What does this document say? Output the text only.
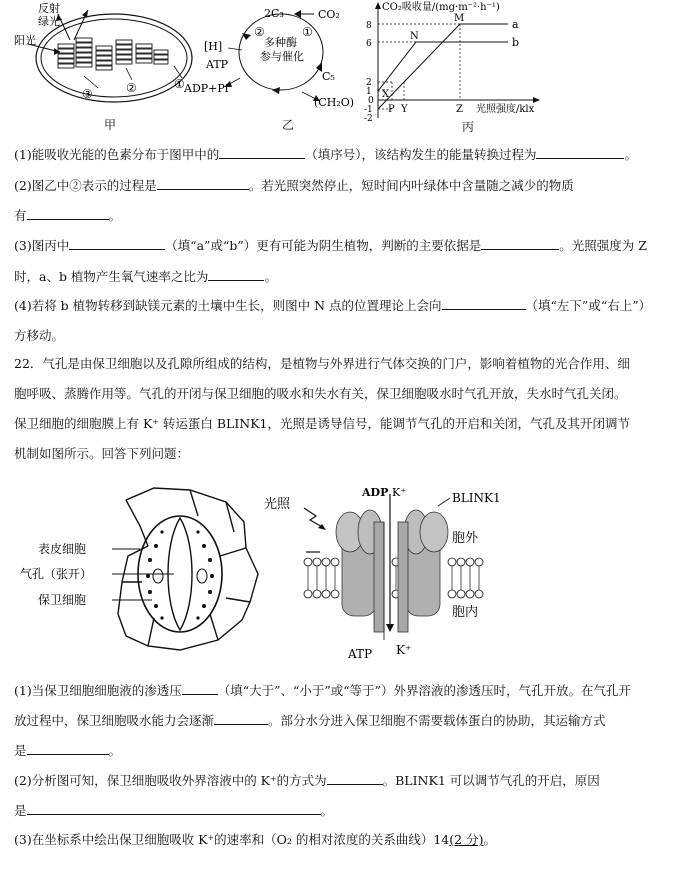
反射
绿光
阳光
②
③
①
甲
2C₃	CO₂
[H]
ATP
ADP+Pi
多种酶
参与催化
C₅
(CH₂O)
②	①
乙
CO₂吸收量/(mg·m⁻²·h⁻¹)
光照强度/klx
8
6
2
1
0
-1
-2
M
N
X
P Y	Z
a
b
丙
(1)能吸收光能的色素分布于图甲中的	（填序号），该结构发生的能量转换过程为	。
(2)图乙中②表示的过程是	。若光照突然停止，短时间内叶绿体中含量随之减少的物质
有	。
(3)图丙中	（填“a”或“b”）更有可能为阴生植物，判断的主要依据是	。光照强度为 Z
时，a、b 植物产生氧气速率之比为	。
(4)若将 b 植物转移到缺镁元素的土壤中生长，则图中 N 点的位置理论上会向	（填“左下”或“右上”）
方移动。
22．气孔是由保卫细胞以及孔隙所组成的结构，是植物与外界进行气体交换的门户，影响着植物的光合作用、细
胞呼吸、蒸腾作用等。气孔的开闭与保卫细胞的吸水和失水有关，保卫细胞吸水时气孔开放，失水时气孔关闭。
保卫细胞的细胞膜上有 K⁺ 转运蛋白 BLINK1，光照是诱导信号，能调节气孔的开启和关闭，气孔及其开闭调节
机制如图所示。回答下列问题：
表皮细胞
气孔（张开）
保卫细胞
光照
ADP K⁺	BLINK1
胞外
胞内
ATP K⁺
(1)当保卫细胞细胞液的渗透压	（填“大于”、“小于”或“等于”）外界溶液的渗透压时，气孔开放。在气孔开
放过程中，保卫细胞吸水能力会逐渐	。部分水分进入保卫细胞不需要载体蛋白的协助，其运输方式
是	。
(2)分析图可知，保卫细胞吸收外界溶液中的 K⁺的方式为	。BLINK1 可以调节气孔的开启，原因
是	。
(3)在坐标系中绘出保卫细胞吸收 K⁺的速率和（O₂ 的相对浓度的关系曲线）14(2 分)。
